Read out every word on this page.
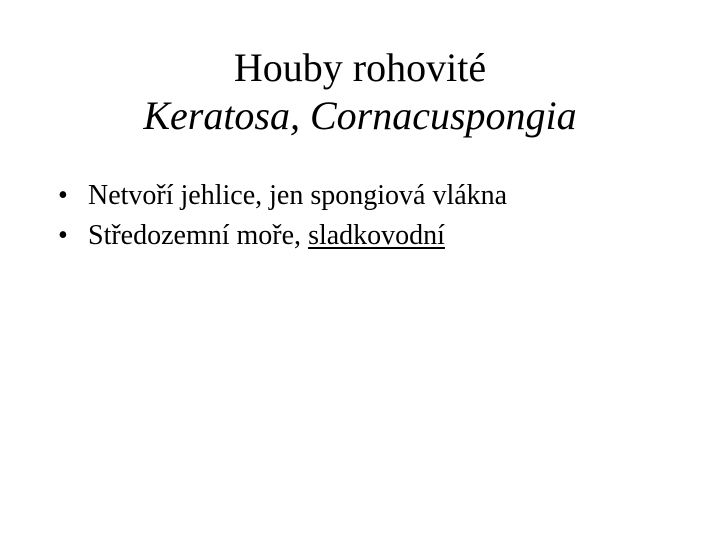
Houby rohovité
Keratosa, Cornacuspongia
• Netvoří jehlice, jen spongiová vlákna
• Středozemní moře, sladkovodní
